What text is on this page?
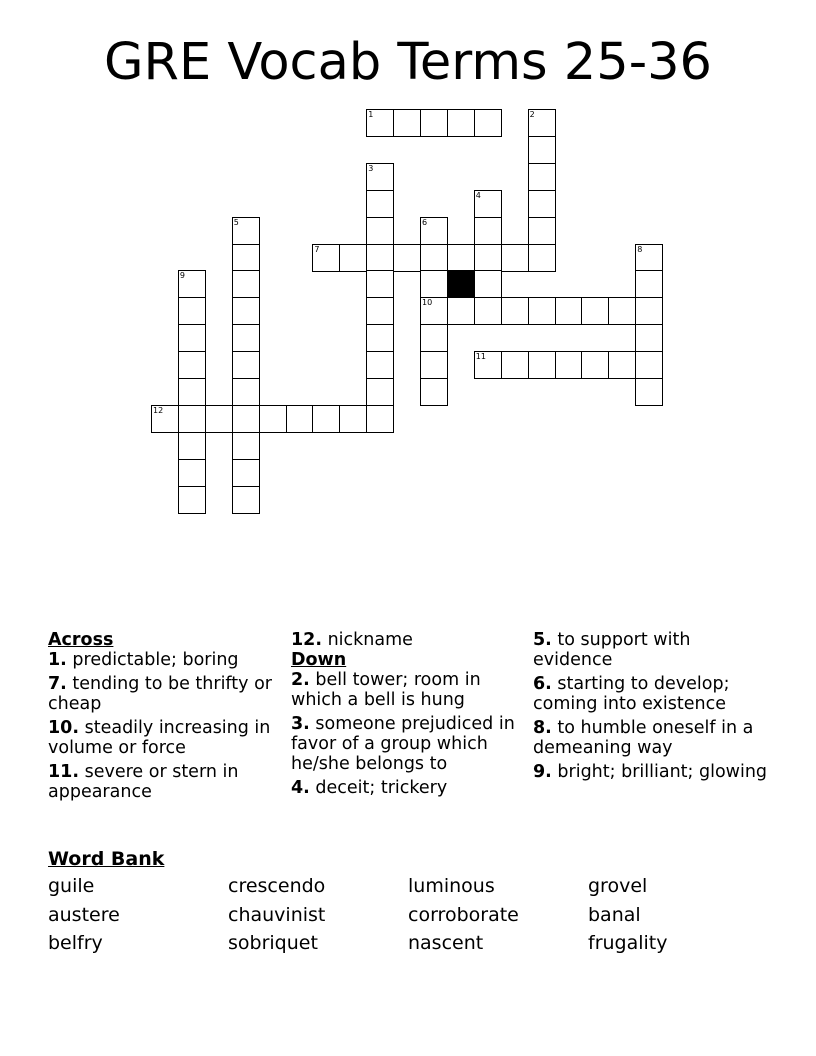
GRE Vocab Terms 25-36
1	2
3
4
5	6
10
7	8
9
11
12
Across
1. predictable; boring
7. tending to be thrifty or cheap
10. steadily increasing in volume or force
11. severe or stern in appearance
12. nickname
Down
2. bell tower; room in which a bell is hung
3. someone prejudiced in favor of a group which he/she belongs to
4. deceit; trickery
5. to support with evidence
6. starting to develop; coming into existence
8. to humble oneself in a demeaning way
9. bright; brilliant; glowing
Word Bank
guile	crescendo	luminous	grovel
austere	chauvinist	corroborate	banal
belfry	sobriquet	nascent	frugality
